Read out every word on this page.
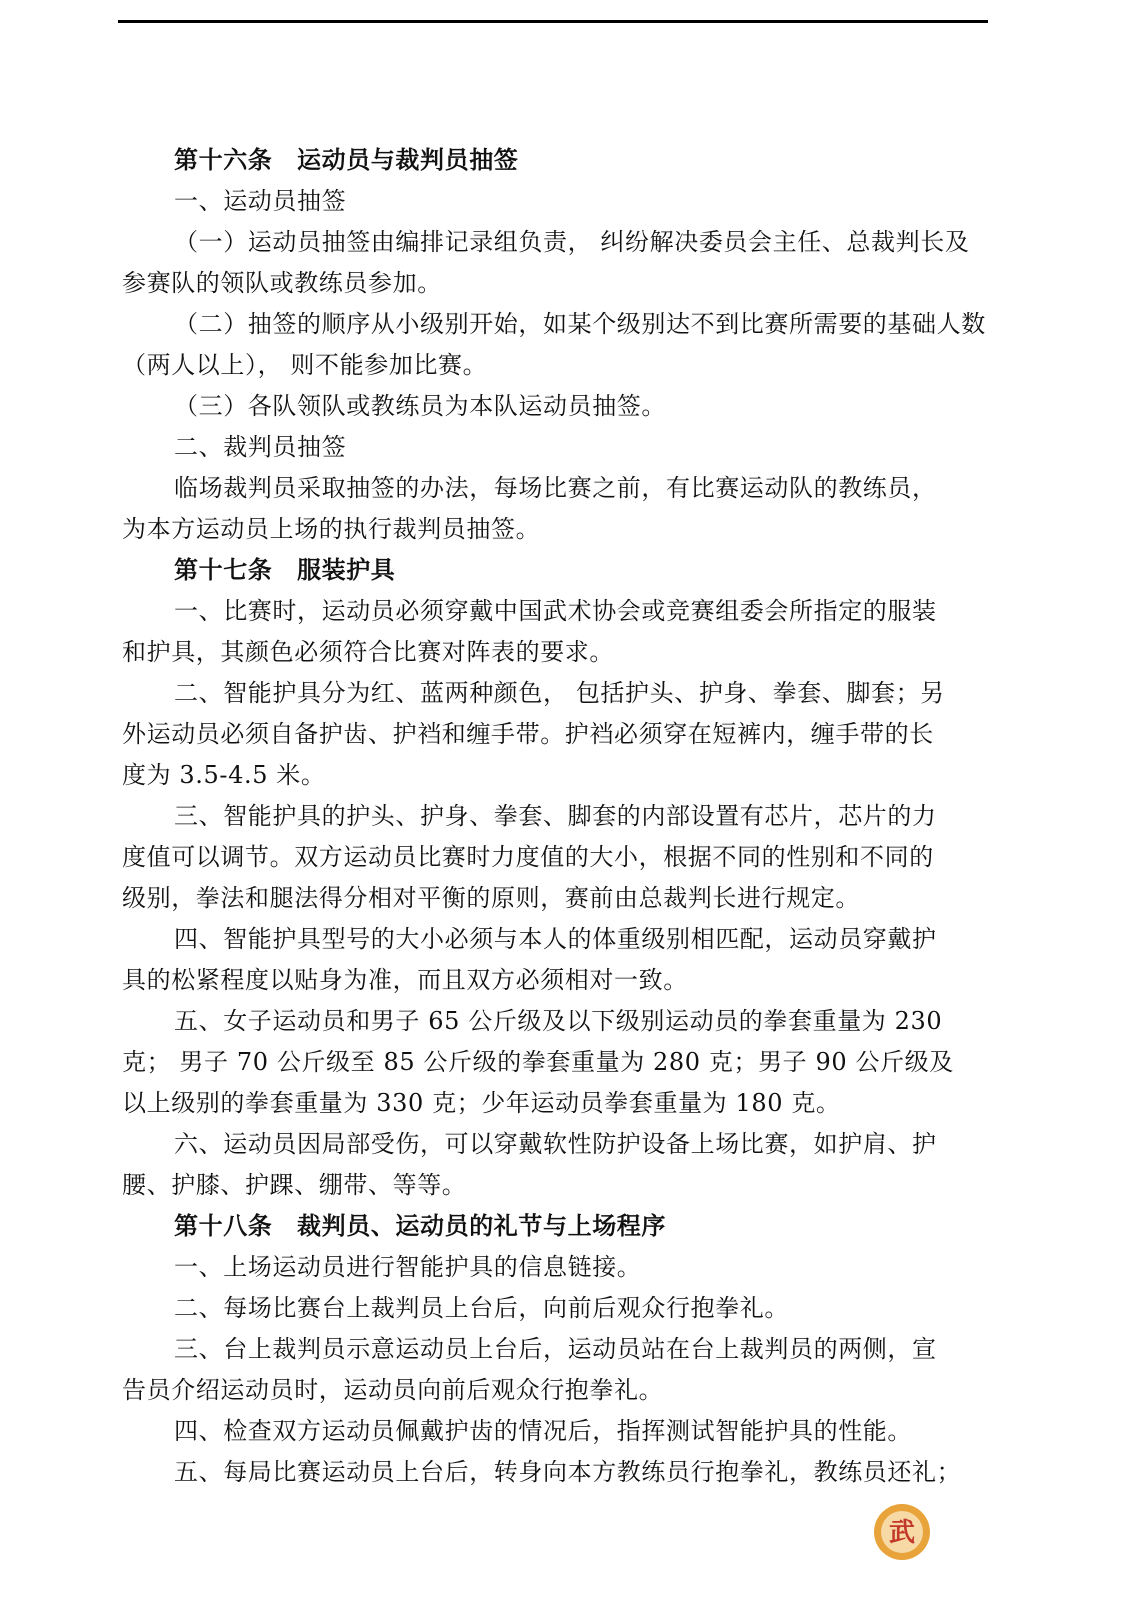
第十六条　运动员与裁判员抽签
一、运动员抽签
（一）运动员抽签由编排记录组负责， 纠纷解决委员会主任、总裁判长及
参赛队的领队或教练员参加。
（二）抽签的顺序从小级别开始，如某个级别达不到比赛所需要的基础人数
（两人以上）， 则不能参加比赛。
（三）各队领队或教练员为本队运动员抽签。
二、裁判员抽签
临场裁判员采取抽签的办法，每场比赛之前，有比赛运动队的教练员，
为本方运动员上场的执行裁判员抽签。
第十七条　服装护具
一、比赛时，运动员必须穿戴中国武术协会或竞赛组委会所指定的服装
和护具，其颜色必须符合比赛对阵表的要求。
二、智能护具分为红、蓝两种颜色， 包括护头、护身、拳套、脚套；另
外运动员必须自备护齿、护裆和缠手带。护裆必须穿在短裤内，缠手带的长
度为 3.5-4.5 米。
三、智能护具的护头、护身、拳套、脚套的内部设置有芯片，芯片的力
度值可以调节。双方运动员比赛时力度值的大小，根据不同的性别和不同的
级别，拳法和腿法得分相对平衡的原则，赛前由总裁判长进行规定。
四、智能护具型号的大小必须与本人的体重级别相匹配，运动员穿戴护
具的松紧程度以贴身为准，而且双方必须相对一致。
五、女子运动员和男子 65 公斤级及以下级别运动员的拳套重量为 230
克； 男子 70 公斤级至 85 公斤级的拳套重量为 280 克；男子 90 公斤级及
以上级别的拳套重量为 330 克；少年运动员拳套重量为 180 克。
六、运动员因局部受伤，可以穿戴软性防护设备上场比赛，如护肩、护
腰、护膝、护踝、绷带、等等。
第十八条　裁判员、运动员的礼节与上场程序
一、上场运动员进行智能护具的信息链接。
二、每场比赛台上裁判员上台后，向前后观众行抱拳礼。
三、台上裁判员示意运动员上台后，运动员站在台上裁判员的两侧，宣
告员介绍运动员时，运动员向前后观众行抱拳礼。
四、检查双方运动员佩戴护齿的情况后，指挥测试智能护具的性能。
五、每局比赛运动员上台后，转身向本方教练员行抱拳礼，教练员还礼；
武
